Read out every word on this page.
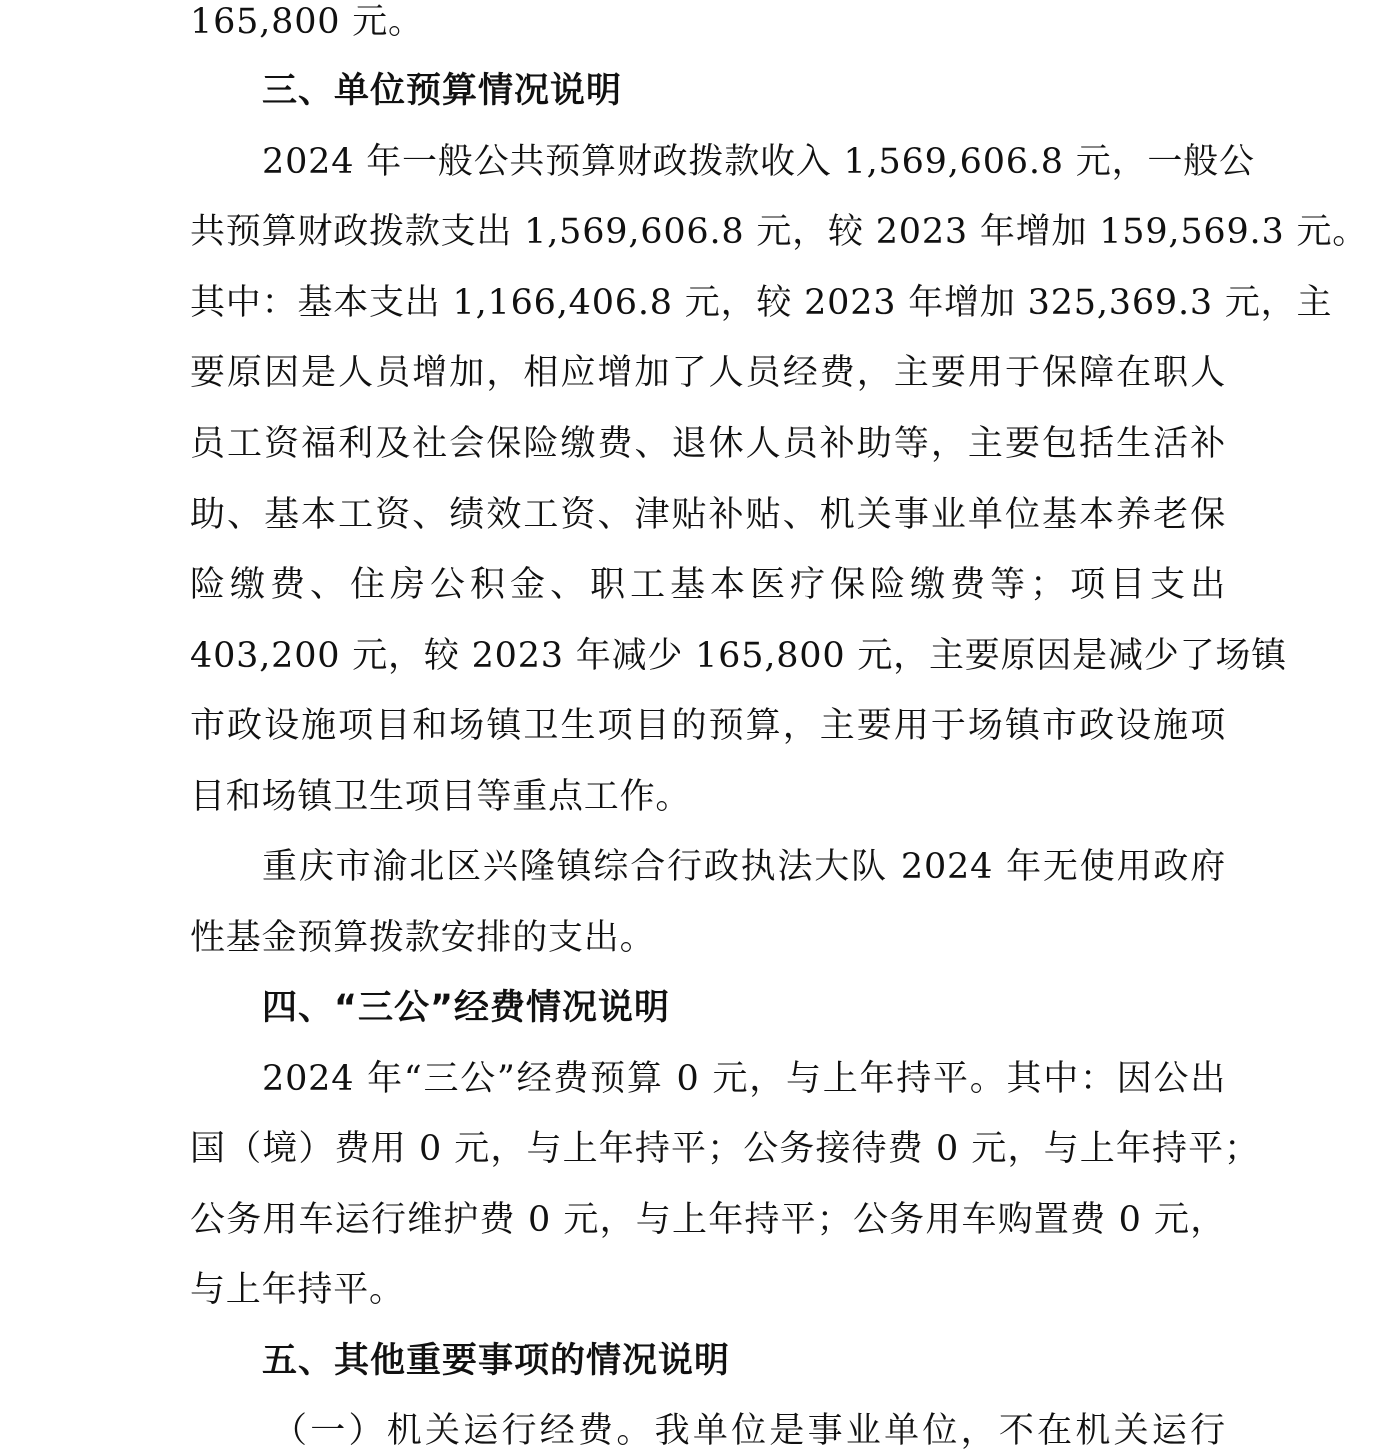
165,800 元。
三、单位预算情况说明
2024 年一般公共预算财政拨款收入 1,569,606.8 元，一般公
共预算财政拨款支出 1,569,606.8 元，较 2023 年增加 159,569.3 元。
其中：基本支出 1,166,406.8 元，较 2023 年增加 325,369.3 元，主
要原因是人员增加，相应增加了人员经费，主要用于保障在职人
员工资福利及社会保险缴费、退休人员补助等，主要包括生活补
助、基本工资、绩效工资、津贴补贴、机关事业单位基本养老保
险缴费、住房公积金、职工基本医疗保险缴费等；项目支出
403,200 元，较 2023 年减少 165,800 元，主要原因是减少了场镇
市政设施项目和场镇卫生项目的预算，主要用于场镇市政设施项
目和场镇卫生项目等重点工作。
重庆市渝北区兴隆镇综合行政执法大队 2024 年无使用政府
性基金预算拨款安排的支出。
四、“三公”经费情况说明
2024 年“三公”经费预算 0 元，与上年持平。其中：因公出
国（境）费用 0 元，与上年持平；公务接待费 0 元，与上年持平；
公务用车运行维护费 0 元，与上年持平；公务用车购置费 0 元，
与上年持平。
五、其他重要事项的情况说明
（一）机关运行经费。我单位是事业单位，不在机关运行
